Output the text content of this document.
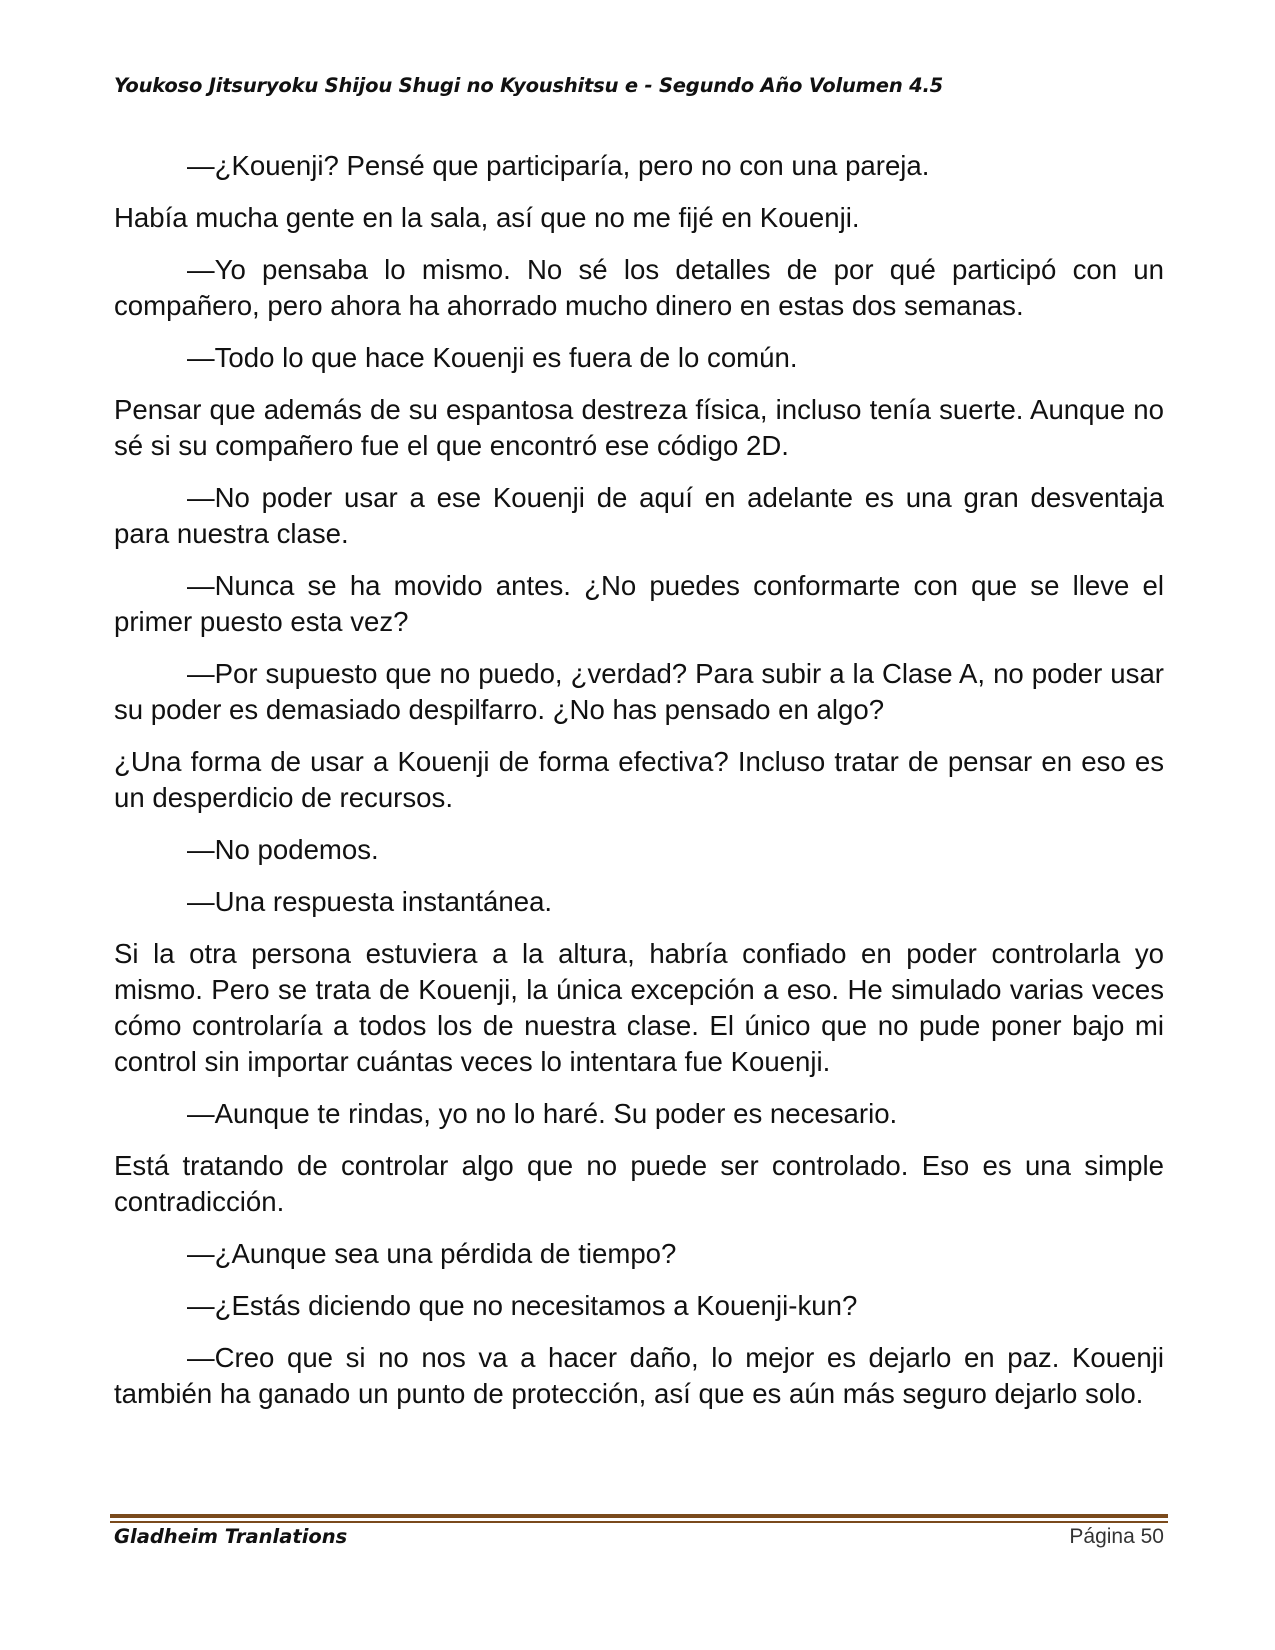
Youkoso Jitsuryoku Shijou Shugi no Kyoushitsu e - Segundo Año Volumen 4.5

—¿Kouenji? Pensé que participaría, pero no con una pareja.

Había mucha gente en la sala, así que no me fijé en Kouenji.

—Yo pensaba lo mismo. No sé los detalles de por qué participó con un compañero, pero ahora ha ahorrado mucho dinero en estas dos semanas.

—Todo lo que hace Kouenji es fuera de lo común.

Pensar que además de su espantosa destreza física, incluso tenía suerte. Aunque no sé si su compañero fue el que encontró ese código 2D.

—No poder usar a ese Kouenji de aquí en adelante es una gran desventaja para nuestra clase.

—Nunca se ha movido antes. ¿No puedes conformarte con que se lleve el primer puesto esta vez?

—Por supuesto que no puedo, ¿verdad? Para subir a la Clase A, no poder usar su poder es demasiado despilfarro. ¿No has pensado en algo?

¿Una forma de usar a Kouenji de forma efectiva? Incluso tratar de pensar en eso es un desperdicio de recursos.

—No podemos.

—Una respuesta instantánea.

Si la otra persona estuviera a la altura, habría confiado en poder controlarla yo mismo. Pero se trata de Kouenji, la única excepción a eso. He simulado varias veces cómo controlaría a todos los de nuestra clase. El único que no pude poner bajo mi control sin importar cuántas veces lo intentara fue Kouenji.

—Aunque te rindas, yo no lo haré. Su poder es necesario.

Está tratando de controlar algo que no puede ser controlado. Eso es una simple contradicción.

—¿Aunque sea una pérdida de tiempo?

—¿Estás diciendo que no necesitamos a Kouenji-kun?

—Creo que si no nos va a hacer daño, lo mejor es dejarlo en paz. Kouenji también ha ganado un punto de protección, así que es aún más seguro dejarlo solo.

Gladheim Tranlations	Página 50
